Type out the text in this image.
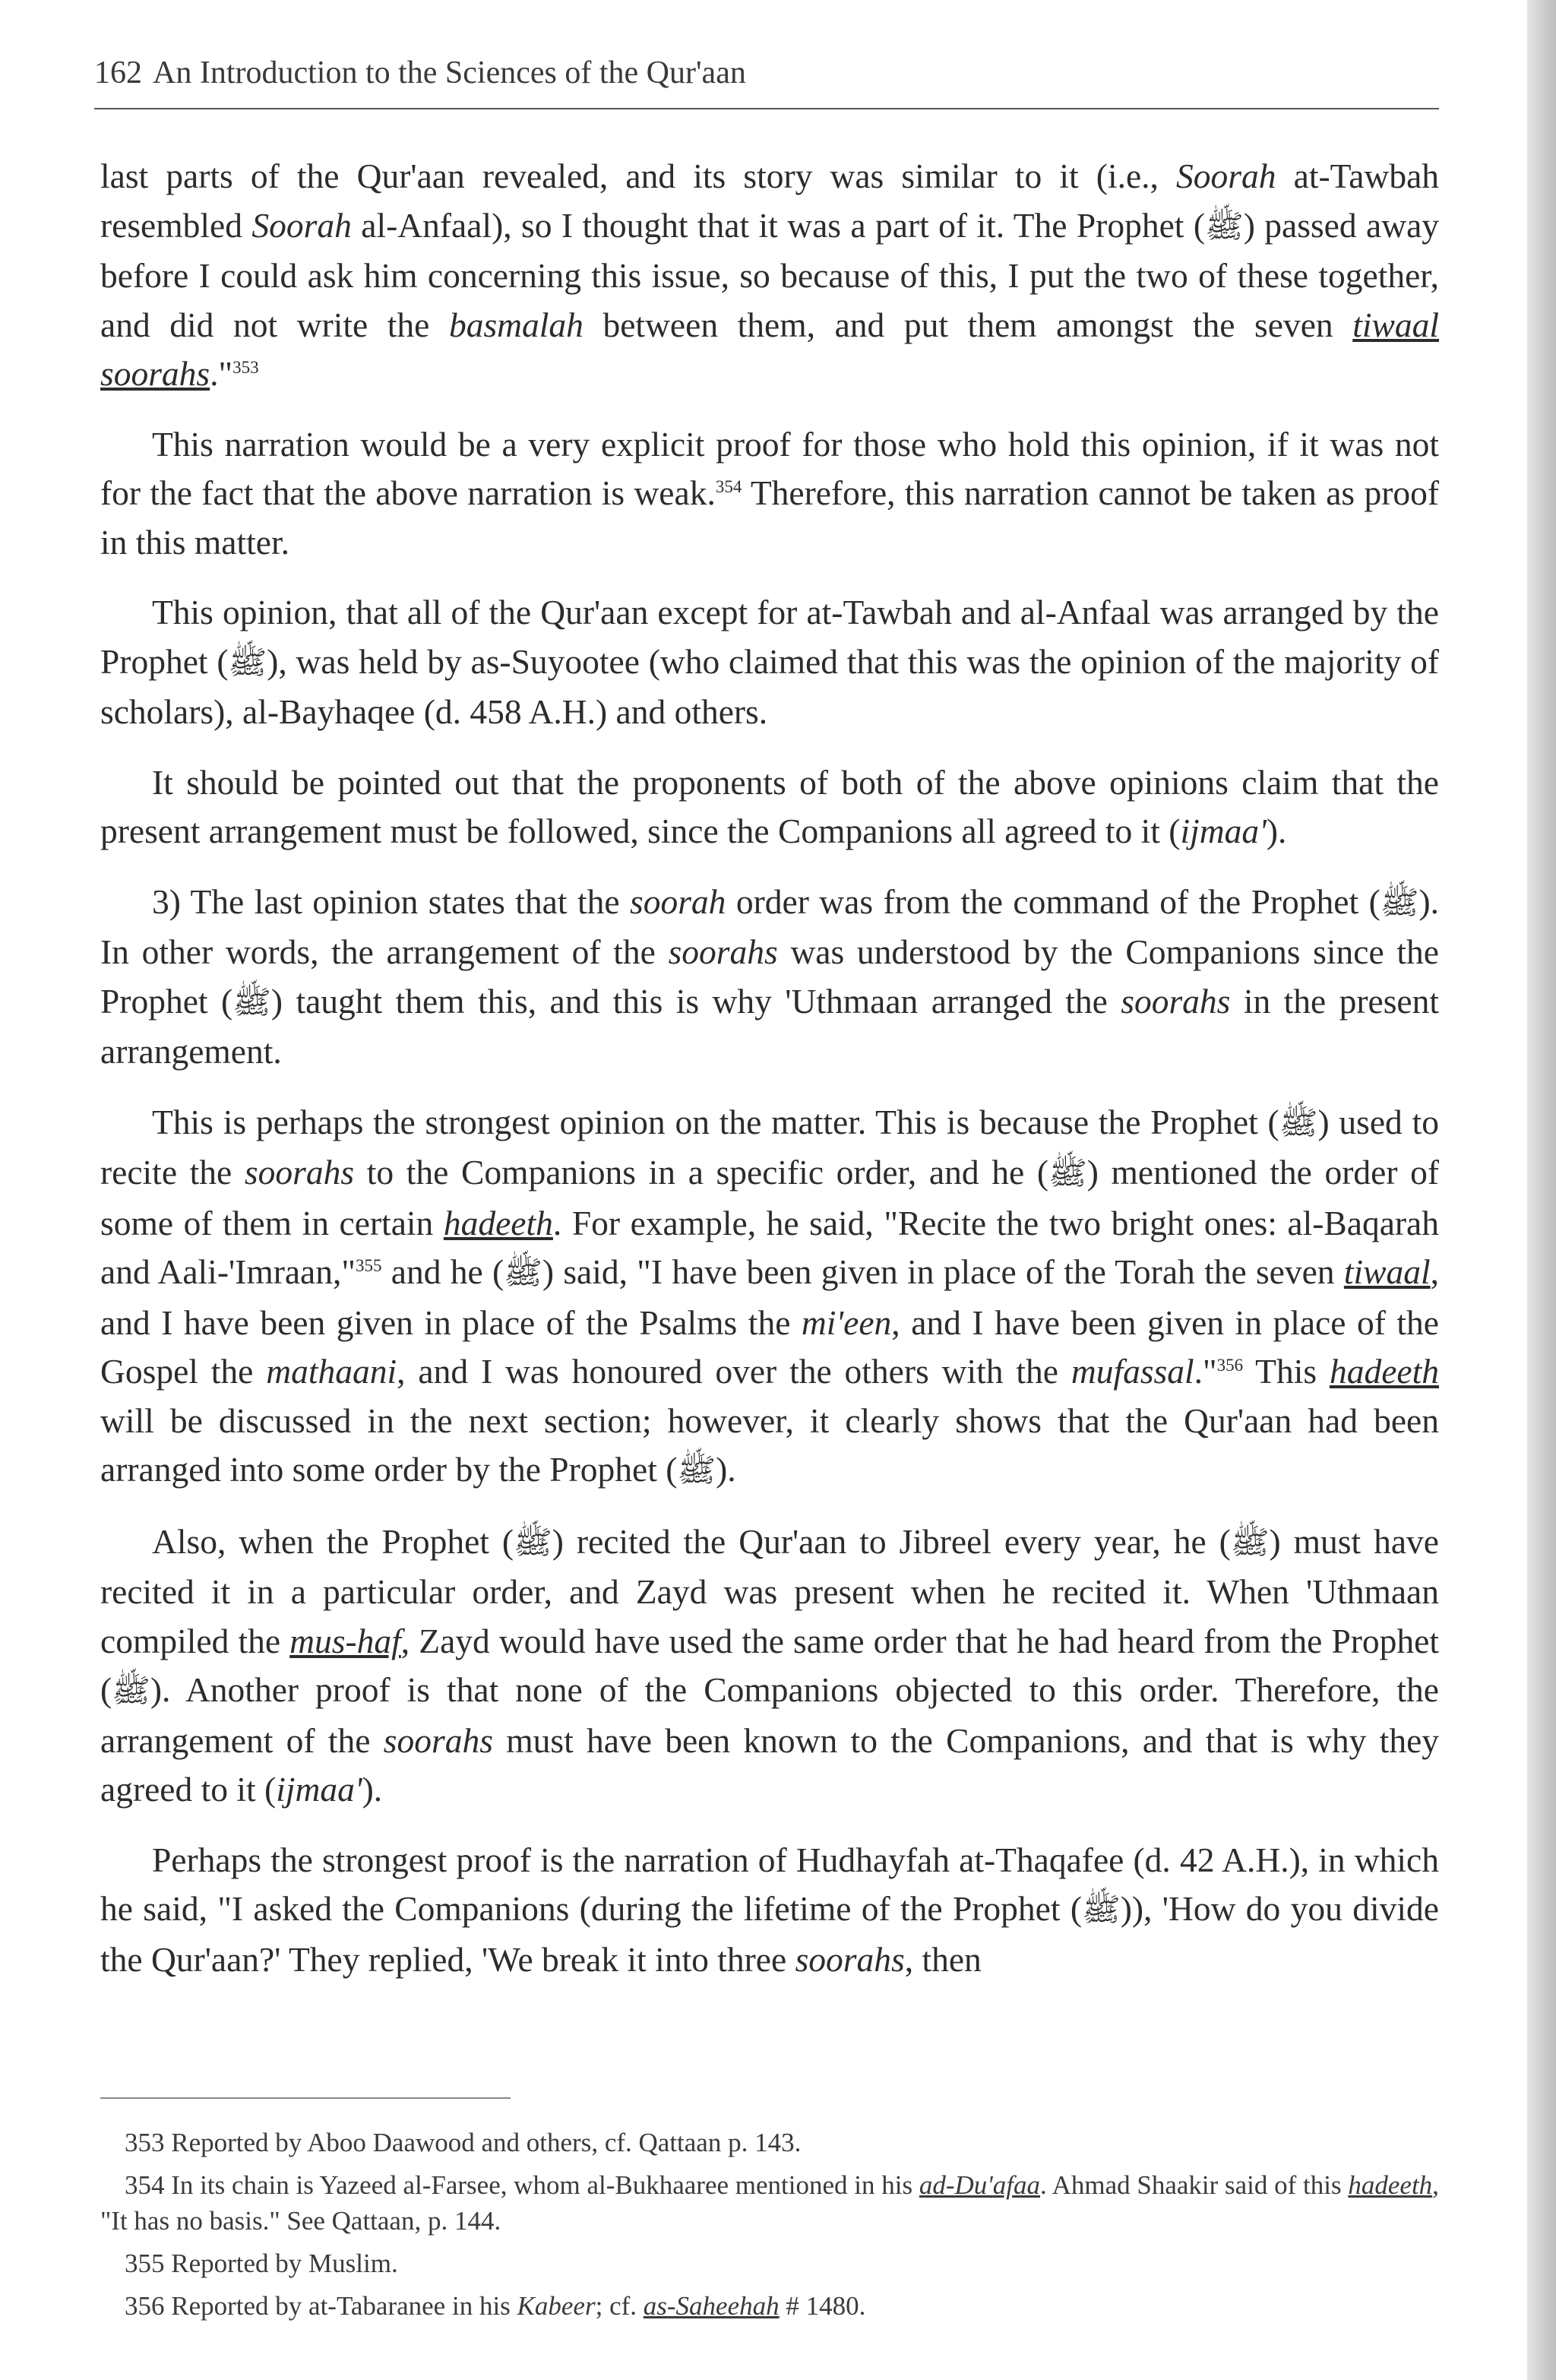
162 An Introduction to the Sciences of the Qur'aan

last parts of the Qur'aan revealed, and its story was similar to it (i.e., Soorah at-Tawbah resembled Soorah al-Anfaal), so I thought that it was a part of it. The Prophet (ﷺ) passed away before I could ask him concerning this issue, so because of this, I put the two of these together, and did not write the basmalah between them, and put them amongst the seven tiwaal soorahs."$^{353}$

This narration would be a very explicit proof for those who hold this opinion, if it was not for the fact that the above narration is weak.$^{354}$ Therefore, this narration cannot be taken as proof in this matter.

This opinion, that all of the Qur'aan except for at-Tawbah and al-Anfaal was arranged by the Prophet (ﷺ), was held by as-Suyootee (who claimed that this was the opinion of the majority of scholars), al-Bayhaqee (d. 458 A.H.) and others.

It should be pointed out that the proponents of both of the above opinions claim that the present arrangement must be followed, since the Companions all agreed to it (ijmaa').

3) The last opinion states that the soorah order was from the command of the Prophet (ﷺ). In other words, the arrangement of the soorahs was understood by the Companions since the Prophet (ﷺ) taught them this, and this is why 'Uthmaan arranged the soorahs in the present arrangement.

This is perhaps the strongest opinion on the matter. This is because the Prophet (ﷺ) used to recite the soorahs to the Companions in a specific order, and he (ﷺ) mentioned the order of some of them in certain hadeeth. For example, he said, "Recite the two bright ones: al-Baqarah and Aali-'Imraan,"$^{355}$ and he (ﷺ) said, "I have been given in place of the Torah the seven tiwaal, and I have been given in place of the Psalms the mi'een, and I have been given in place of the Gospel the mathaani, and I was honoured over the others with the mufassal."$^{356}$ This hadeeth will be discussed in the next section; however, it clearly shows that the Qur'aan had been arranged into some order by the Prophet (ﷺ).

Also, when the Prophet (ﷺ) recited the Qur'aan to Jibreel every year, he (ﷺ) must have recited it in a particular order, and Zayd was present when he recited it. When 'Uthmaan compiled the mus-haf, Zayd would have used the same order that he had heard from the Prophet (ﷺ). Another proof is that none of the Companions objected to this order. Therefore, the arrangement of the soorahs must have been known to the Companions, and that is why they agreed to it (ijmaa').

Perhaps the strongest proof is the narration of Hudhayfah at-Thaqafee (d. 42 A.H.), in which he said, "I asked the Companions (during the lifetime of the Prophet (ﷺ)), 'How do you divide the Qur'aan?' They replied, 'We break it into three soorahs, then

353 Reported by Aboo Daawood and others, cf. Qattaan p. 143.

354 In its chain is Yazeed al-Farsee, whom al-Bukhaaree mentioned in his ad-Du'afaa. Ahmad Shaakir said of this hadeeth, "It has no basis." See Qattaan, p. 144.

355 Reported by Muslim.

356 Reported by at-Tabaranee in his Kabeer; cf. as-Saheehah # 1480.
